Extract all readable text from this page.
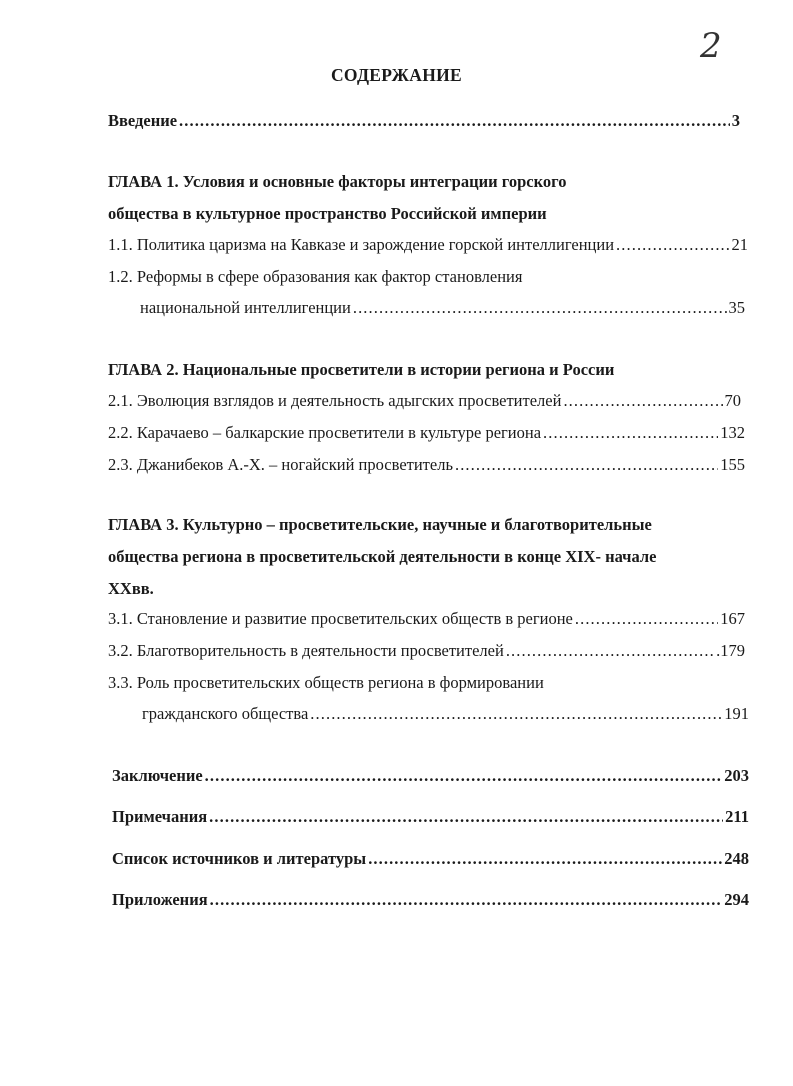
2
СОДЕРЖАНИЕ
Введение .....	3
ГЛАВА 1. Условия и основные факторы интеграции горского
общества в культурное пространство Российской империи
1.1. Политика царизма на Кавказе и зарождение горской интеллигенции .....	21
1.2. Реформы в сфере образования как фактор становления
национальной интеллигенции .....	35
ГЛАВА 2. Национальные просветители в истории региона и России
2.1. Эволюция взглядов и деятельность адыгских просветителей .....	70
2.2. Карачаево – балкарские просветители в культуре региона .....	132
2.3. Джанибеков А.-Х. – ногайский просветитель .....	155
ГЛАВА 3. Культурно – просветительские, научные и благотворительные
общества региона в просветительской деятельности в конце XIX- начале
XXвв.
3.1. Становление и развитие просветительских обществ в регионе .....	167
3.2. Благотворительность в деятельности просветителей .....	.179
3.3. Роль просветительских обществ региона в формировании
гражданского общества .....	191
Заключение .....	203
Примечания .....	211
Список источников и литературы .....	248
Приложения .....	294
